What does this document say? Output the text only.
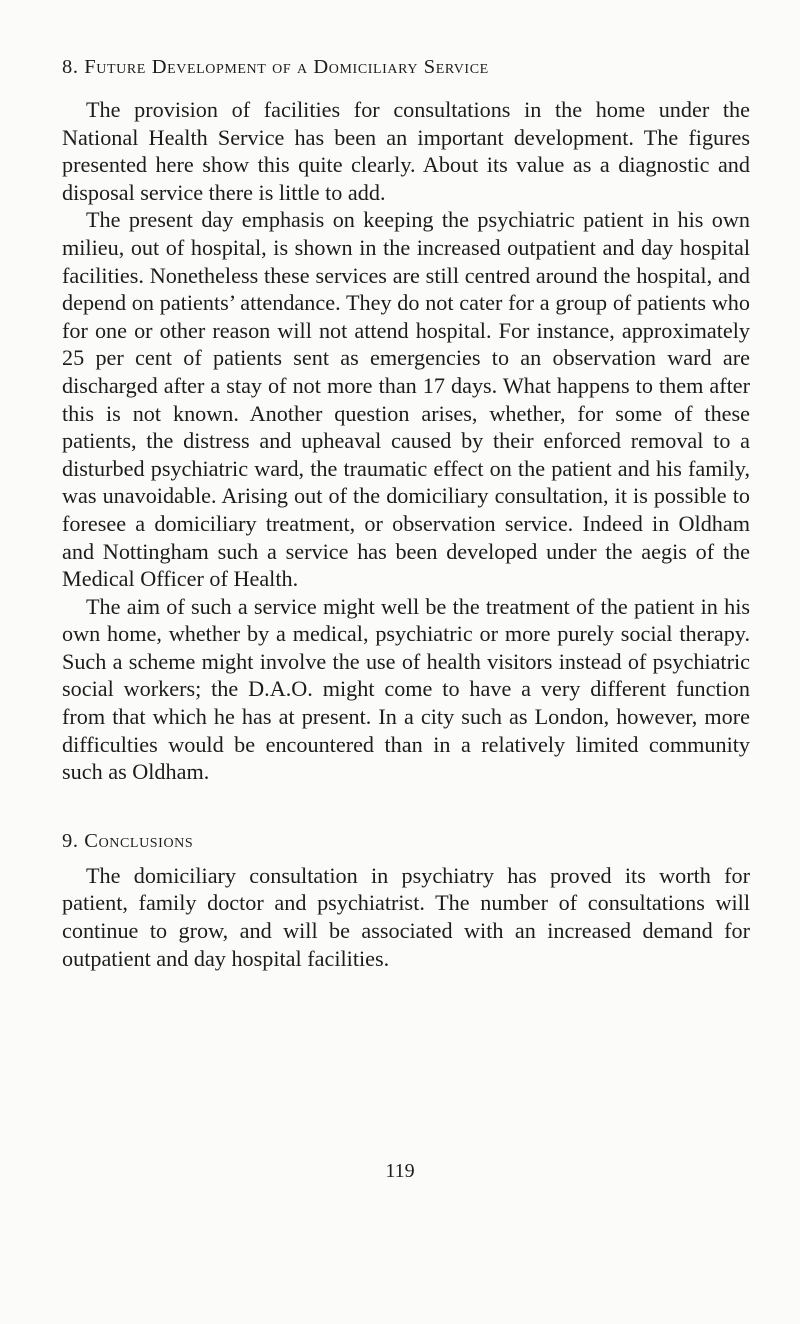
8. Future Development of a Domiciliary Service

The provision of facilities for consultations in the home under the National Health Service has been an important development. The figures presented here show this quite clearly. About its value as a diagnostic and disposal service there is little to add.

The present day emphasis on keeping the psychiatric patient in his own milieu, out of hospital, is shown in the increased outpatient and day hospital facilities. Nonetheless these services are still centred around the hospital, and depend on patients’ attendance. They do not cater for a group of patients who for one or other reason will not attend hospital. For instance, approximately 25 per cent of patients sent as emergencies to an observation ward are discharged after a stay of not more than 17 days. What happens to them after this is not known. Another question arises, whether, for some of these patients, the distress and upheaval caused by their enforced removal to a disturbed psychiatric ward, the traumatic effect on the patient and his family, was unavoidable. Arising out of the domiciliary consultation, it is possible to foresee a domiciliary treatment, or observation service. Indeed in Oldham and Nottingham such a service has been developed under the aegis of the Medical Officer of Health.

The aim of such a service might well be the treatment of the patient in his own home, whether by a medical, psychiatric or more purely social therapy. Such a scheme might involve the use of health visitors instead of psychiatric social workers; the D.A.O. might come to have a very different function from that which he has at present. In a city such as London, however, more difficulties would be encountered than in a relatively limited community such as Oldham.

9. Conclusions

The domiciliary consultation in psychiatry has proved its worth for patient, family doctor and psychiatrist. The number of consultations will continue to grow, and will be associated with an increased demand for outpatient and day hospital facilities.

119
